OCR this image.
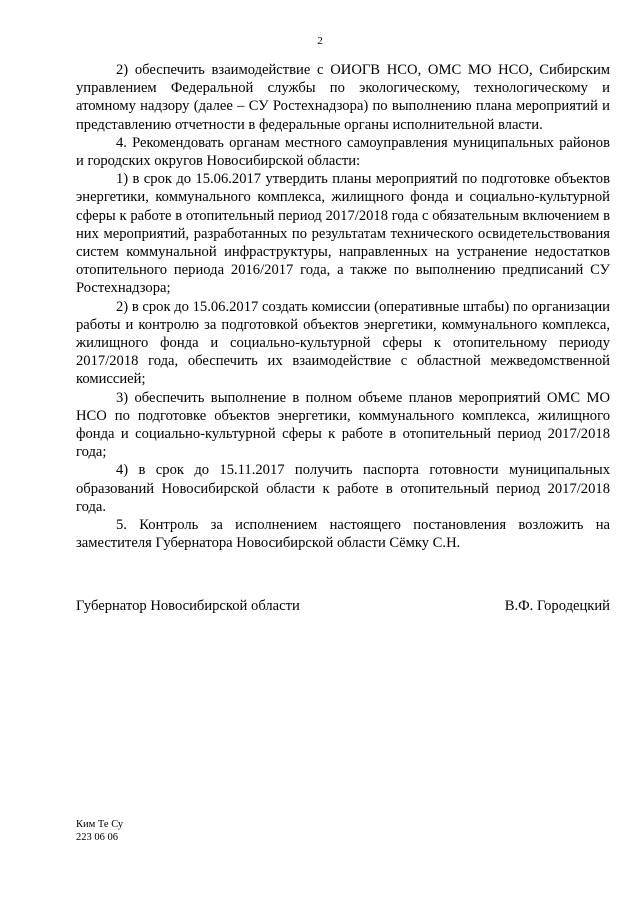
2

2) обеспечить взаимодействие с ОИОГВ НСО, ОМС МО НСО, Сибирским управлением Федеральной службы по экологическому, технологическому и атомному надзору (далее – СУ Ростехнадзора) по выполнению плана мероприятий и представлению отчетности в федеральные органы исполнительной власти.

4. Рекомендовать органам местного самоуправления муниципальных районов и городских округов Новосибирской области:

1) в срок до 15.06.2017 утвердить планы мероприятий по подготовке объектов энергетики, коммунального комплекса, жилищного фонда и социально-культурной сферы к работе в отопительный период 2017/2018 года с обязательным включением в них мероприятий, разработанных по результатам технического освидетельствования систем коммунальной инфраструктуры, направленных на устранение недостатков отопительного периода 2016/2017 года, а также по выполнению предписаний СУ Ростехнадзора;

2) в срок до 15.06.2017 создать комиссии (оперативные штабы) по организации работы и контролю за подготовкой объектов энергетики, коммунального комплекса, жилищного фонда и социально-культурной сферы к отопительному периоду 2017/2018 года, обеспечить их взаимодействие с областной межведомственной комиссией;

3) обеспечить выполнение в полном объеме планов мероприятий ОМС МО НСО по подготовке объектов энергетики, коммунального комплекса, жилищного фонда и социально-культурной сферы к работе в отопительный период 2017/2018 года;

4) в срок до 15.11.2017 получить паспорта готовности муниципальных образований Новосибирской области к работе в отопительный период 2017/2018 года.

5. Контроль за исполнением настоящего постановления возложить на заместителя Губернатора Новосибирской области Сёмку С.Н.

Губернатор Новосибирской области	В.Ф. Городецкий
Ким Те Су
223 06 06
